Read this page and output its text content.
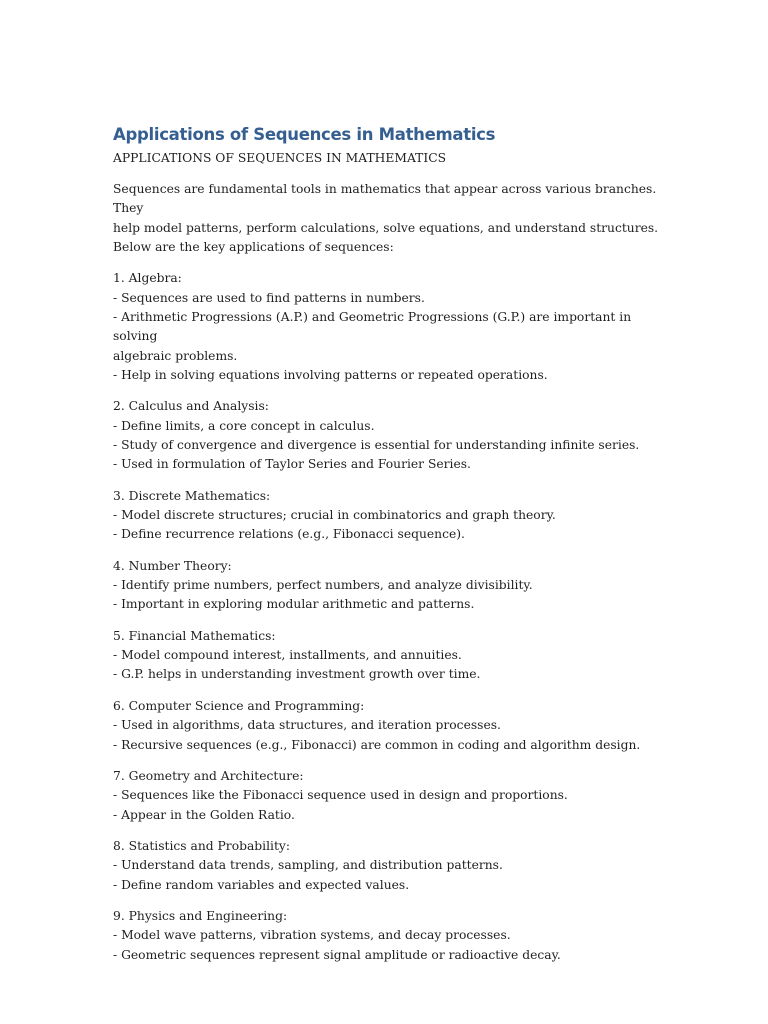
Applications of Sequences in Mathematics

APPLICATIONS OF SEQUENCES IN MATHEMATICS

Sequences are fundamental tools in mathematics that appear across various branches. They
help model patterns, perform calculations, solve equations, and understand structures.
Below are the key applications of sequences:

1. Algebra:

- Sequences are used to find patterns in numbers.

- Arithmetic Progressions (A.P.) and Geometric Progressions (G.P.) are important in solving

algebraic problems.

- Help in solving equations involving patterns or repeated operations.

2. Calculus and Analysis:

- Define limits, a core concept in calculus.

- Study of convergence and divergence is essential for understanding infinite series.

- Used in formulation of Taylor Series and Fourier Series.

3. Discrete Mathematics:

- Model discrete structures; crucial in combinatorics and graph theory.

- Define recurrence relations (e.g., Fibonacci sequence).

4. Number Theory:

- Identify prime numbers, perfect numbers, and analyze divisibility.

- Important in exploring modular arithmetic and patterns.

5. Financial Mathematics:

- Model compound interest, installments, and annuities.

- G.P. helps in understanding investment growth over time.

6. Computer Science and Programming:

- Used in algorithms, data structures, and iteration processes.

- Recursive sequences (e.g., Fibonacci) are common in coding and algorithm design.

7. Geometry and Architecture:

- Sequences like the Fibonacci sequence used in design and proportions.

- Appear in the Golden Ratio.

8. Statistics and Probability:

- Understand data trends, sampling, and distribution patterns.

- Define random variables and expected values.

9. Physics and Engineering:

- Model wave patterns, vibration systems, and decay processes.

- Geometric sequences represent signal amplitude or radioactive decay.
